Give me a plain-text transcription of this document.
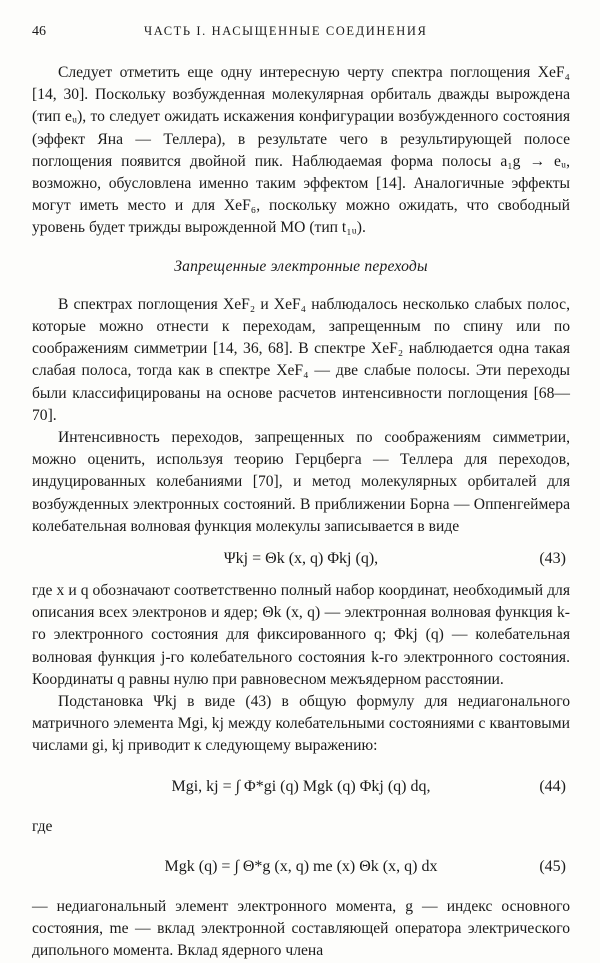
46	ЧАСТЬ I. НАСЫЩЕННЫЕ СОЕДИНЕНИЯ

Следует отметить еще одну интересную черту спектра поглощения XeF₄ [14, 30]. Поскольку возбужденная молекулярная орбиталь дважды вырождена (тип eᵤ), то следует ожидать искажения конфигурации возбужденного состояния (эффект Яна — Теллера), в результате чего в результирующей полосе поглощения появится двойной пик. Наблюдаемая форма полосы a₁g → eᵤ, возможно, обусловлена именно таким эффектом [14]. Аналогичные эффекты могут иметь место и для XeF₆, поскольку можно ожидать, что свободный уровень будет трижды вырожденной МО (тип t₁ᵤ).

Запрещенные электронные переходы

В спектрах поглощения XeF₂ и XeF₄ наблюдалось несколько слабых полос, которые можно отнести к переходам, запрещенным по спину или по соображениям симметрии [14, 36, 68]. В спектре XeF₂ наблюдается одна такая слабая полоса, тогда как в спектре XeF₄ — две слабые полосы. Эти переходы были классифицированы на основе расчетов интенсивности поглощения [68—70].

Интенсивность переходов, запрещенных по соображениям симметрии, можно оценить, используя теорию Герцберга — Теллера для переходов, индуцированных колебаниями [70], и метод молекулярных орбиталей для возбужденных электронных состояний. В приближении Борна — Оппенгеймера колебательная волновая функция молекулы записывается в виде

Ψkj = Θk (x, q) Φkj (q),	(43)

где x и q обозначают соответственно полный набор координат, необходимый для описания всех электронов и ядер; Θk (x, q) — электронная волновая функция k-го электронного состояния для фиксированного q; Φkj (q) — колебательная волновая функция j-го колебательного состояния k-го электронного состояния. Координаты q равны нулю при равновесном межъядерном расстоянии.

Подстановка Ψkj в виде (43) в общую формулу для недиагонального матричного элемента Mgi, kj между колебательными состояниями с квантовыми числами gi, kj приводит к следующему выражению:

Mgi, kj = ∫ Φ*gi (q) Mgk (q) Φkj (q) dq,	(44)

где

Mgk (q) = ∫ Θ*g (x, q) me (x) Θk (x, q) dx	(45)

— недиагональный элемент электронного момента, g — индекс основного состояния, me — вклад электронной составляющей оператора электрического дипольного момента. Вклад ядерного члена
